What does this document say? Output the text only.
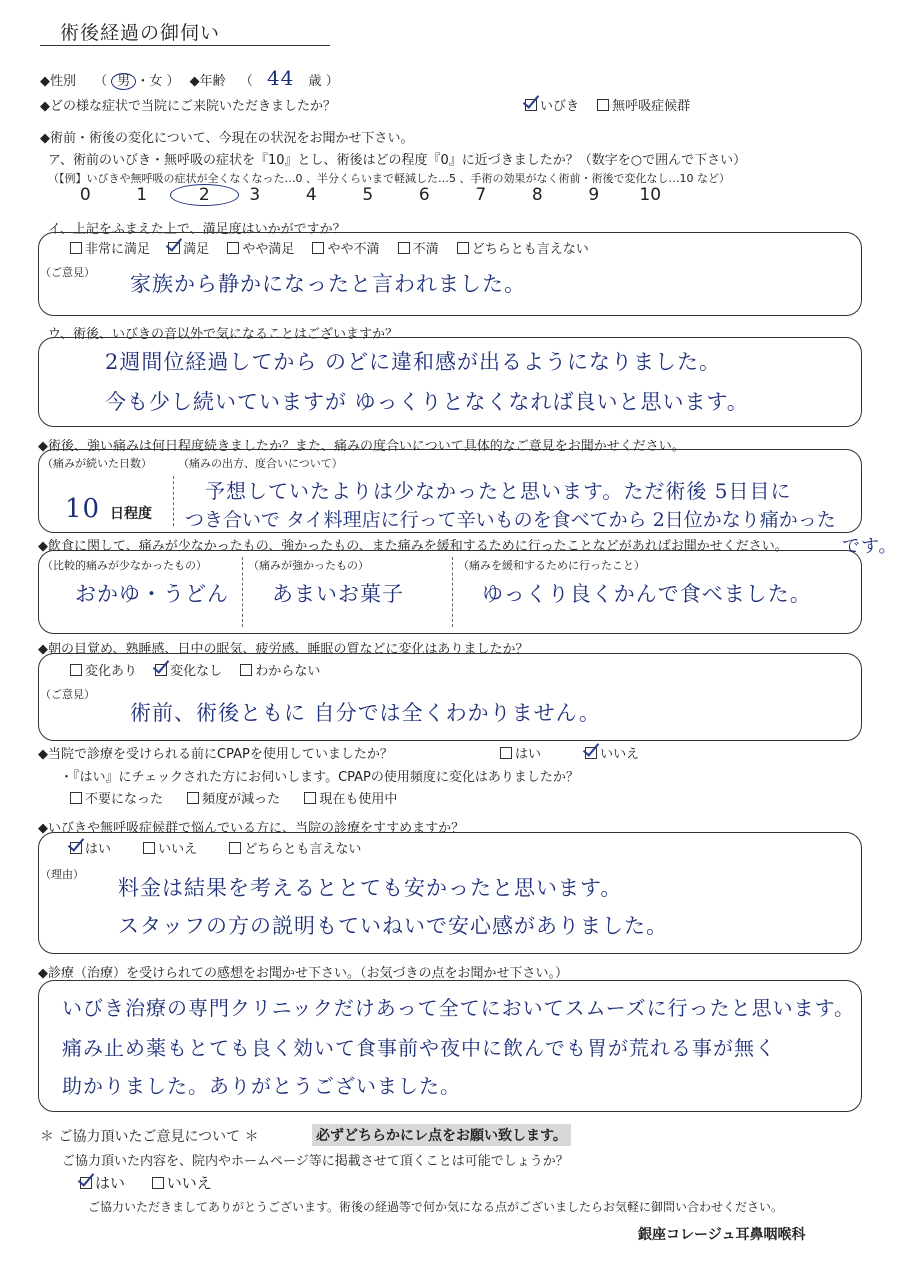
術後経過の御伺い
◆性別 （ 男 ・女 ） ◆年齢 （ 44 歳 ）
◆どの様な症状で当院にご来院いただきましたか？	いびき	無呼吸症候群
◆術前・術後の変化について、今現在の状況をお聞かせ下さい。
ア、術前のいびき・無呼吸の症状を『10』とし、術後はどの程度『0』に近づきましたか？（数字を○で囲んで下さい）
（【例】いびきや無呼吸の症状が全くなくなった…0 、半分くらいまで軽減した…5 、手術の効果がなく術前・術後で変化なし…10 など）
0	1	2 3	4	5	6	7	8	9 10
イ、上記をふまえた上で、満足度はいかがですか？
非常に満足	満足	やや満足	やや不満	不満	どちらとも言えない
（ご意見） 家族から静かになったと言われました。
ウ、術後、いびきの音以外で気になることはございますか？
2週間位経過してから のどに違和感が出るようになりました。
今も少し続いていますが ゆっくりとなくなれば良いと思います。
◆術後、強い痛みは何日程度続きましたか？また、痛みの度合いについて具体的なご意見をお聞かせください。
（痛みが続いた日数）
10 日程度
（痛みの出方、度合いについて）
予想していたよりは少なかったと思います。ただ術後 5日目に
つき合いで タイ料理店に行って辛いものを食べてから 2日位かなり痛かった
です。
◆飲食に関して、痛みが少なかったもの、強かったもの、また痛みを緩和するために行ったことなどがあればお聞かせください。
（比較的痛みが少なかったもの）
おかゆ・うどん
（痛みが強かったもの）
あまいお菓子
（痛みを緩和するために行ったこと）
ゆっくり良くかんで食べました。
◆朝の目覚め、熟睡感、日中の眠気、疲労感、睡眠の質などに変化はありましたか？
変化あり	変化なし	わからない
（ご意見）
術前、術後ともに 自分では全くわかりません。
◆当院で診療を受けられる前にCPAPを使用していましたか？	はい	いいえ
・『はい』にチェックされた方にお伺いします。CPAPの使用頻度に変化はありましたか？
不要になった	頻度が減った	現在も使用中
◆いびきや無呼吸症候群で悩んでいる方に、当院の診療をすすめますか？
はい	いいえ	どちらとも言えない
（理由）
料金は結果を考えるととても安かったと思います。
スタッフの方の説明もていねいで安心感がありました。
◆診療（治療）を受けられての感想をお聞かせ下さい。（お気づきの点をお聞かせ下さい。）
いびき治療の専門クリニックだけあって全てにおいてスムーズに行ったと思います。
痛み止め薬もとても良く効いて食事前や夜中に飲んでも胃が荒れる事が無く
助かりました。ありがとうございました。
＊ ご協力頂いたご意見について ＊	必ずどちらかにレ点をお願い致します。
ご協力頂いた内容を、院内やホームページ等に掲載させて頂くことは可能でしょうか？
はい	いいえ
ご協力いただきましてありがとうございます。術後の経過等で何か気になる点がございましたらお気軽に御問い合わせください。
銀座コレージュ耳鼻咽喉科
